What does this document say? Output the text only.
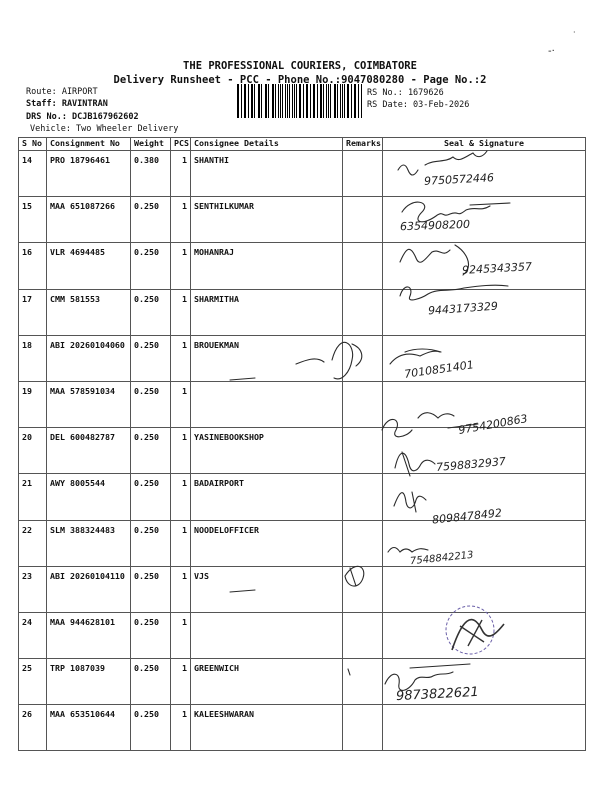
THE PROFESSIONAL COURIERS, COIMBATORE
Delivery Runsheet - PCC - Phone No.:9047080280 - Page No.:2
Route: AIRPORT
Staff: RAVINTRAN
DRS No.: DCJB167962602
Vehicle: Two Wheeler Delivery
RS No.: 1679626
RS Date: 03-Feb-2026
·
-·
S No	Consignment No	Weight	PCS	Consignee Details	Remarks	Seal & Signature
14	PRO 18796461	0.380	1	SHANTHI		
15	MAA 651087266	0.250	1	SENTHILKUMAR		
16	VLR 4694485	0.250	1	MOHANRAJ		
17	CMM 581553	0.250	1	SHARMITHA		
18	ABI 20260104060	0.250	1	BROUEKMAN		
19	MAA 578591034	0.250	1			
20	DEL 600482787	0.250	1	YASINEBOOKSHOP		
21	AWY 8005544	0.250	1	BADAIRPORT		
22	SLM 388324483	0.250	1	NOODELOFFICER		
23	ABI 20260104110	0.250	1	VJS		
24	MAA 944628101	0.250	1			
25	TRP 1087039	0.250	1	GREENWICH		
26	MAA 653510644	0.250	1	KALEESHWARAN		
9750572446
6354908200
9245343357
9443173329
7010851401
9754200863
7598832937
8098478492
7548842213
9873822621
